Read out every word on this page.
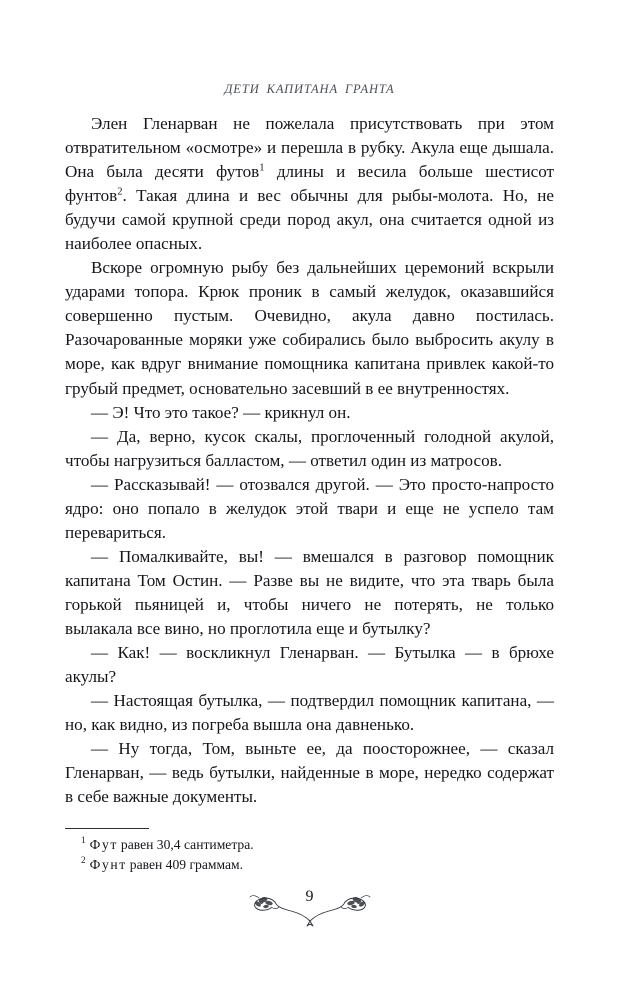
ДЕТИ КАПИТАНА ГРАНТА

Элен Гленарван не пожелала присутствовать при этом отвратительном «осмотре» и перешла в рубку. Акула еще дышала. Она была десяти футов$^1$ длины и весила больше шестисот фунтов$^2$. Такая длина и вес обычны для рыбы-молота. Но, не будучи самой крупной среди пород акул, она считается одной из наиболее опасных.

Вскоре огромную рыбу без дальнейших церемоний вскрыли ударами топора. Крюк проник в самый желудок, оказавшийся совершенно пустым. Очевидно, акула давно постилась. Разочарованные моряки уже собирались было выбросить акулу в море, как вдруг внимание помощника капитана привлек какой-то грубый предмет, основательно засевший в ее внутренностях.

— Э! Что это такое? — крикнул он.

— Да, верно, кусок скалы, проглоченный голодной акулой, чтобы нагрузиться балластом, — ответил один из матросов.

— Рассказывай! — отозвался другой. — Это просто-напросто ядро: оно попало в желудок этой твари и еще не успело там перевариться.

— Помалкивайте, вы! — вмешался в разговор помощник капитана Том Остин. — Разве вы не видите, что эта тварь была горькой пьяницей и, чтобы ничего не потерять, не только вылакала все вино, но проглотила еще и бутылку?

— Как! — воскликнул Гленарван. — Бутылка — в брюхе акулы?

— Настоящая бутылка, — подтвердил помощник капитана, — но, как видно, из погреба вышла она давненько.

— Ну тогда, Том, выньте ее, да поосторожнее, — сказал Гленарван, — ведь бутылки, найденные в море, нередко содержат в себе важные документы.

$^1$ Фут равен 30,4 сантиметра.
$^2$ Фунт равен 409 граммам.
9
